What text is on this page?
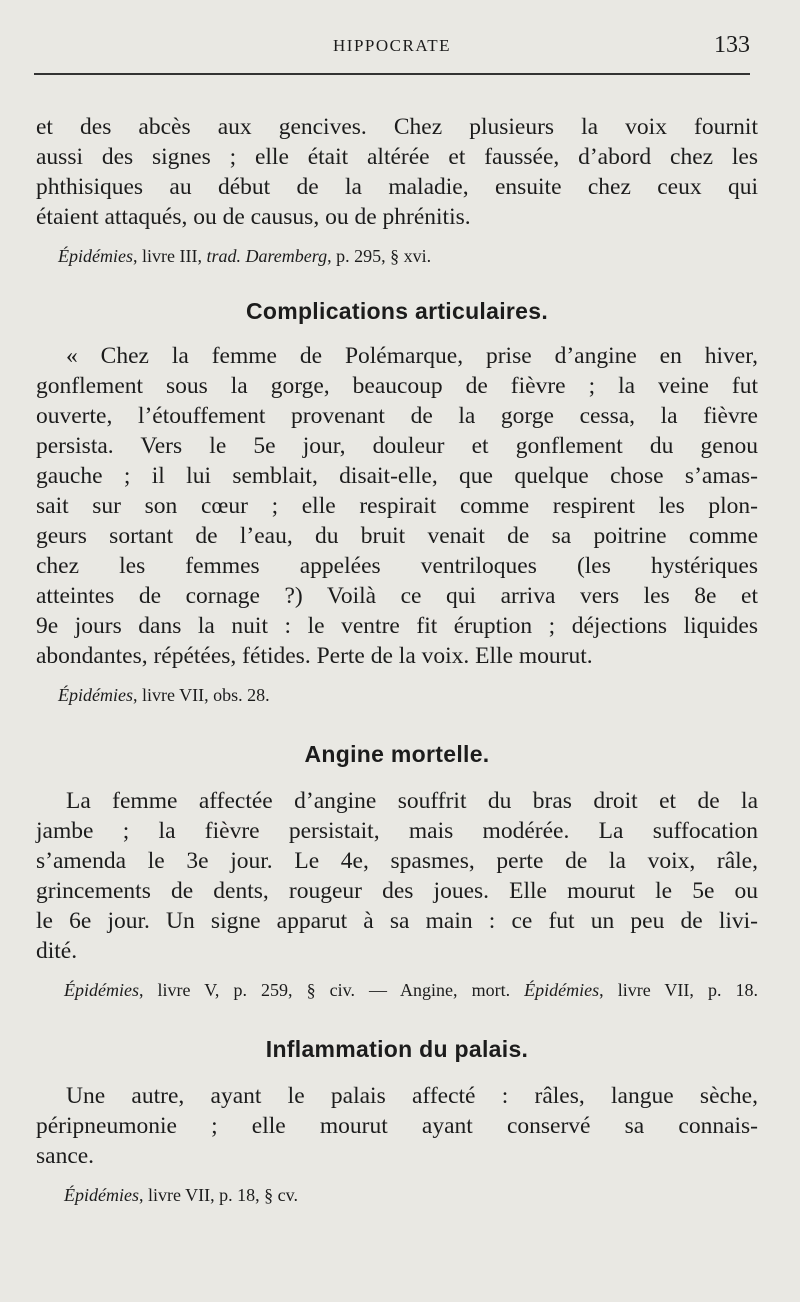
HIPPOCRATE	133
et des abcès aux gencives. Chez plusieurs la voix fournit
aussi des signes ; elle était altérée et faussée, d’abord chez les
phthisiques au début de la maladie, ensuite chez ceux qui
étaient attaqués, ou de causus, ou de phrénitis.
Épidémies, livre III, trad. Daremberg, p. 295, § xvi.
Complications articulaires.
« Chez la femme de Polémarque, prise d’angine en hiver,
gonflement sous la gorge, beaucoup de fièvre ; la veine fut
ouverte, l’étouffement provenant de la gorge cessa, la fièvre
persista. Vers le 5e jour, douleur et gonflement du genou
gauche ; il lui semblait, disait-elle, que quelque chose s’amas-
sait sur son cœur ; elle respirait comme respirent les plon-
geurs sortant de l’eau, du bruit venait de sa poitrine comme
chez les femmes appelées ventriloques (les hystériques
atteintes de cornage ?) Voilà ce qui arriva vers les 8e et
9e jours dans la nuit : le ventre fit éruption ; déjections liquides
abondantes, répétées, fétides. Perte de la voix. Elle mourut.
Épidémies, livre VII, obs. 28.
Angine mortelle.
La femme affectée d’angine souffrit du bras droit et de la
jambe ; la fièvre persistait, mais modérée. La suffocation
s’amenda le 3e jour. Le 4e, spasmes, perte de la voix, râle,
grincements de dents, rougeur des joues. Elle mourut le 5e ou
le 6e jour. Un signe apparut à sa main : ce fut un peu de livi-
dité.
Épidémies, livre V, p. 259, § civ. — Angine, mort. Épidémies, livre VII, p. 18.
Inflammation du palais.
Une autre, ayant le palais affecté : râles, langue sèche,
péripneumonie ; elle mourut ayant conservé sa connais-
sance.
Épidémies, livre VII, p. 18, § cv.
